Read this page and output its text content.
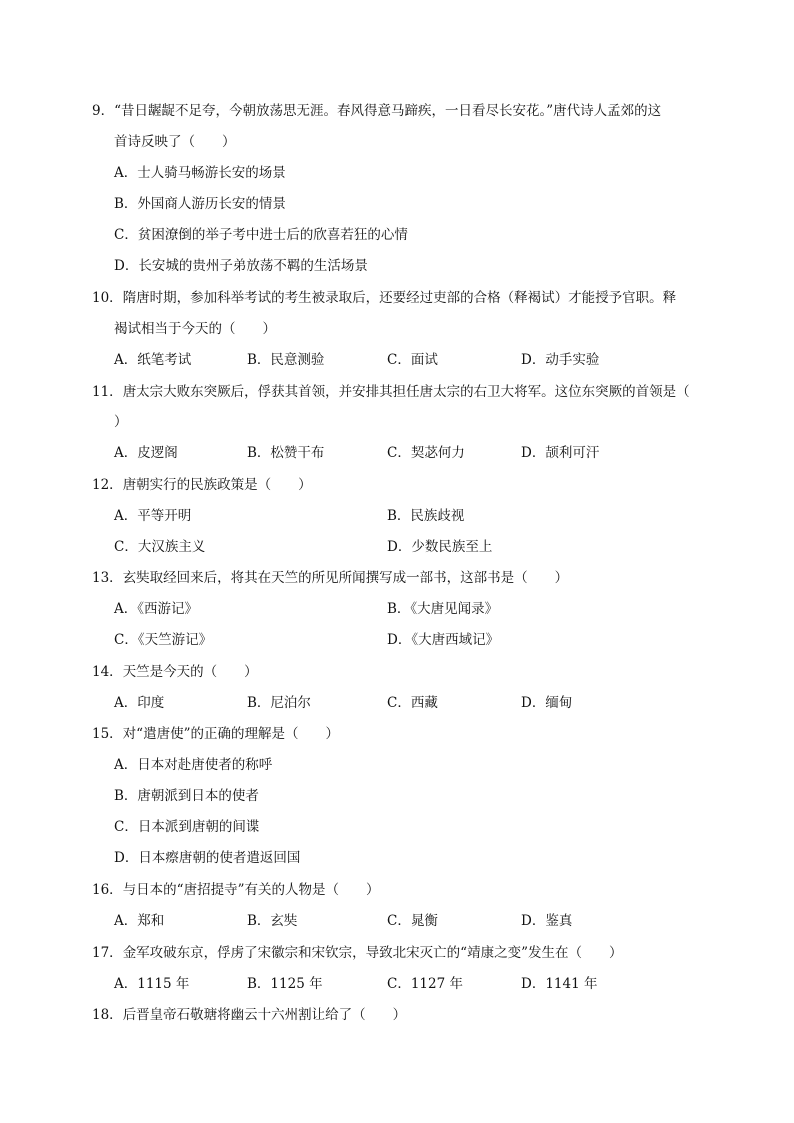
9．“昔日龌龊不足夸，今朝放荡思无涯。春风得意马蹄疾，一日看尽长安花。”唐代诗人孟郊的这
首诗反映了（　　）
A．士人骑马畅游长安的场景
B．外国商人游历长安的情景
C．贫困潦倒的举子考中进士后的欣喜若狂的心情
D．长安城的贵州子弟放荡不羁的生活场景
10．隋唐时期，参加科举考试的考生被录取后，还要经过吏部的合格（释褐试）才能授予官职。释
褐试相当于今天的（　　）
A．纸笔考试	B．民意测验	C．面试	D．动手实验
11．唐太宗大败东突厥后，俘获其首领，并安排其担任唐太宗的右卫大将军。这位东突厥的首领是（
）
A．皮逻阁	B．松赞干布	C．契苾何力	D．颉利可汗
12．唐朝实行的民族政策是（　　）
A．平等开明	B．民族歧视
C．大汉族主义	D．少数民族至上
13．玄奘取经回来后，将其在天竺的所见所闻撰写成一部书，这部书是（　　）
A．《西游记》	B．《大唐见闻录》
C．《天竺游记》	D．《大唐西域记》
14．天竺是今天的（　　）
A．印度	B．尼泊尔	C．西藏	D．缅甸
15．对“遣唐使”的正确的理解是（　　）
A．日本对赴唐使者的称呼
B．唐朝派到日本的使者
C．日本派到唐朝的间谍
D．日本瘵唐朝的使者遣返回国
16．与日本的“唐招提寺”有关的人物是（　　）
A．郑和	B．玄奘	C．晁衡	D．鉴真
17．金军攻破东京，俘虏了宋徽宗和宋钦宗，导致北宋灭亡的“靖康之变”发生在（　　）
A．1115 年	B．1125 年	C．1127 年	D．1141 年
18．后晋皇帝石敬瑭将幽云十六州割让给了（　　）
